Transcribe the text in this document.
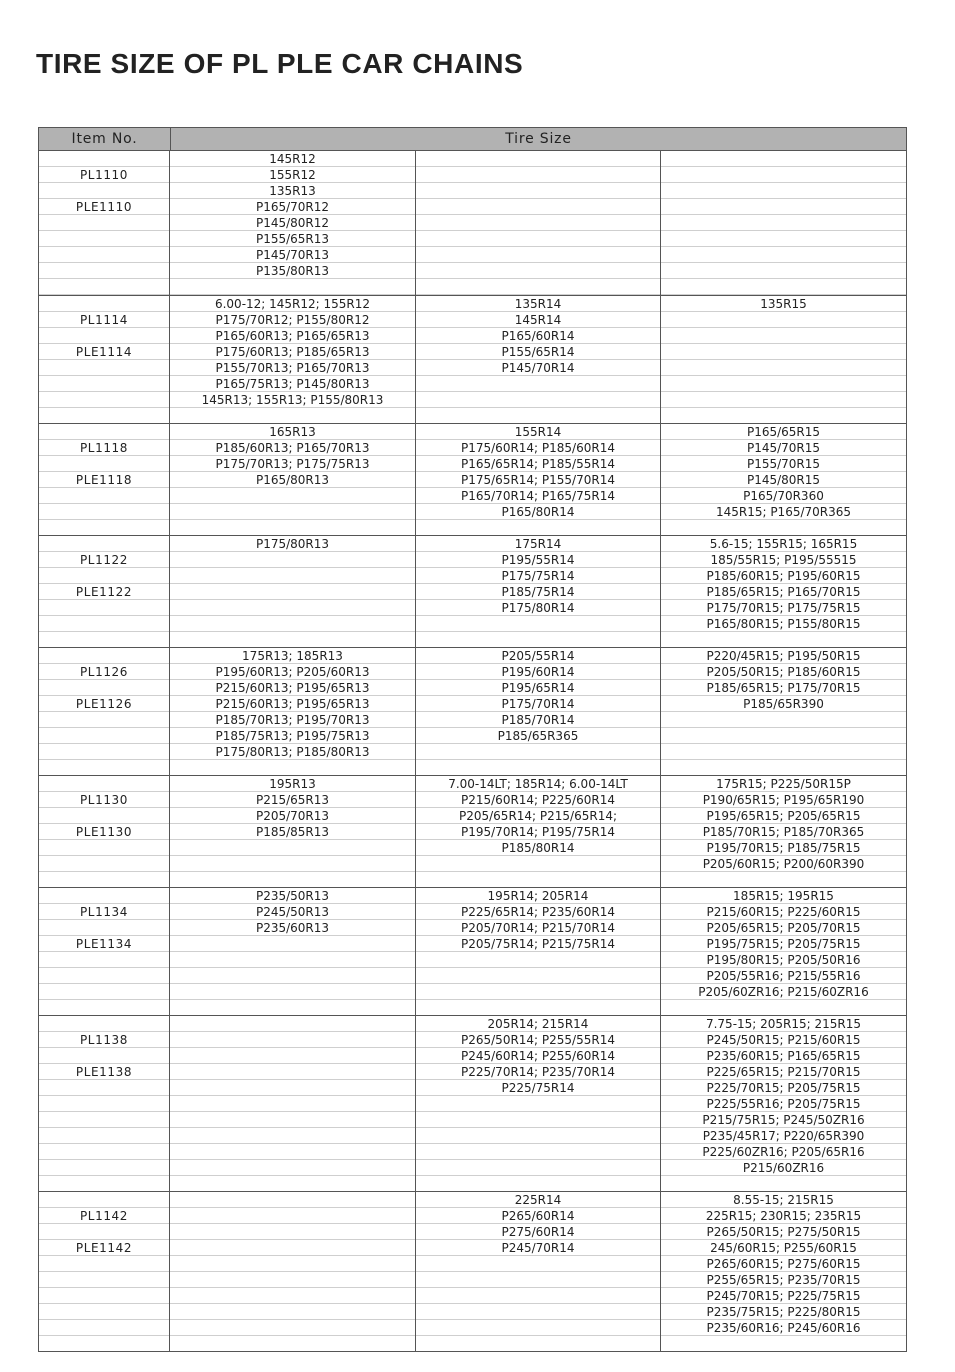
TIRE SIZE OF PL PLE CAR CHAINS
Item No.	Tire Size
PL1110
PLE1110
145R12
155R12
135R13
P165/70R12
P145/80R12
P155/65R13
P145/70R13
P135/80R13
PL1114
PLE1114
6.00-12; 145R12; 155R12
P175/70R12; P155/80R12
P165/60R13; P165/65R13
P175/60R13; P185/65R13
P155/70R13; P165/70R13
P165/75R13; P145/80R13
145R13; 155R13; P155/80R13
135R14
145R14
P165/60R14
P155/65R14
P145/70R14
135R15
PL1118
PLE1118
165R13
P185/60R13; P165/70R13
P175/70R13; P175/75R13
P165/80R13
155R14
P175/60R14; P185/60R14
P165/65R14; P185/55R14
P175/65R14; P155/70R14
P165/70R14; P165/75R14
P165/80R14
P165/65R15
P145/70R15
P155/70R15
P145/80R15
P165/70R360
145R15; P165/70R365
PL1122
PLE1122
P175/80R13	175R14
P195/55R14
P175/75R14
P185/75R14
P175/80R14
5.6-15; 155R15; 165R15
185/55R15; P195/55515
P185/60R15; P195/60R15
P185/65R15; P165/70R15
P175/70R15; P175/75R15
P165/80R15; P155/80R15
PL1126
PLE1126
175R13; 185R13
P195/60R13; P205/60R13
P215/60R13; P195/65R13
P215/60R13; P195/65R13
P185/70R13; P195/70R13
P185/75R13; P195/75R13
P175/80R13; P185/80R13
P205/55R14
P195/60R14
P195/65R14
P175/70R14
P185/70R14
P185/65R365
P220/45R15; P195/50R15
P205/50R15; P185/60R15
P185/65R15; P175/70R15
P185/65R390
PL1130
PLE1130
195R13
P215/65R13
P205/70R13
P185/85R13
7.00-14LT; 185R14; 6.00-14LT
P215/60R14; P225/60R14
P205/65R14; P215/65R14;
P195/70R14; P195/75R14
P185/80R14
175R15; P225/50R15P
P190/65R15; P195/65R190
P195/65R15; P205/65R15
P185/70R15; P185/70R365
P195/70R15; P185/75R15
P205/60R15; P200/60R390
PL1134
PLE1134
P235/50R13
P245/50R13
P235/60R13
195R14; 205R14
P225/65R14; P235/60R14
P205/70R14; P215/70R14
P205/75R14; P215/75R14
185R15; 195R15
P215/60R15; P225/60R15
P205/65R15; P205/70R15
P195/75R15; P205/75R15
P195/80R15; P205/50R16
P205/55R16; P215/55R16
P205/60ZR16; P215/60ZR16
PL1138
PLE1138
205R14; 215R14
P265/50R14; P255/55R14
P245/60R14; P255/60R14
P225/70R14; P235/70R14
P225/75R14
7.75-15; 205R15; 215R15
P245/50R15; P215/60R15
P235/60R15; P165/65R15
P225/65R15; P215/70R15
P225/70R15; P205/75R15
P225/55R16; P205/75R15
P215/75R15; P245/50ZR16
P235/45R17; P220/65R390
P225/60ZR16; P205/65R16
P215/60ZR16
PL1142
PLE1142
225R14
P265/60R14
P275/60R14
P245/70R14
8.55-15; 215R15
225R15; 230R15; 235R15
P265/50R15; P275/50R15
245/60R15; P255/60R15
P265/60R15; P275/60R15
P255/65R15; P235/70R15
P245/70R15; P225/75R15
P235/75R15; P225/80R15
P235/60R16; P245/60R16
